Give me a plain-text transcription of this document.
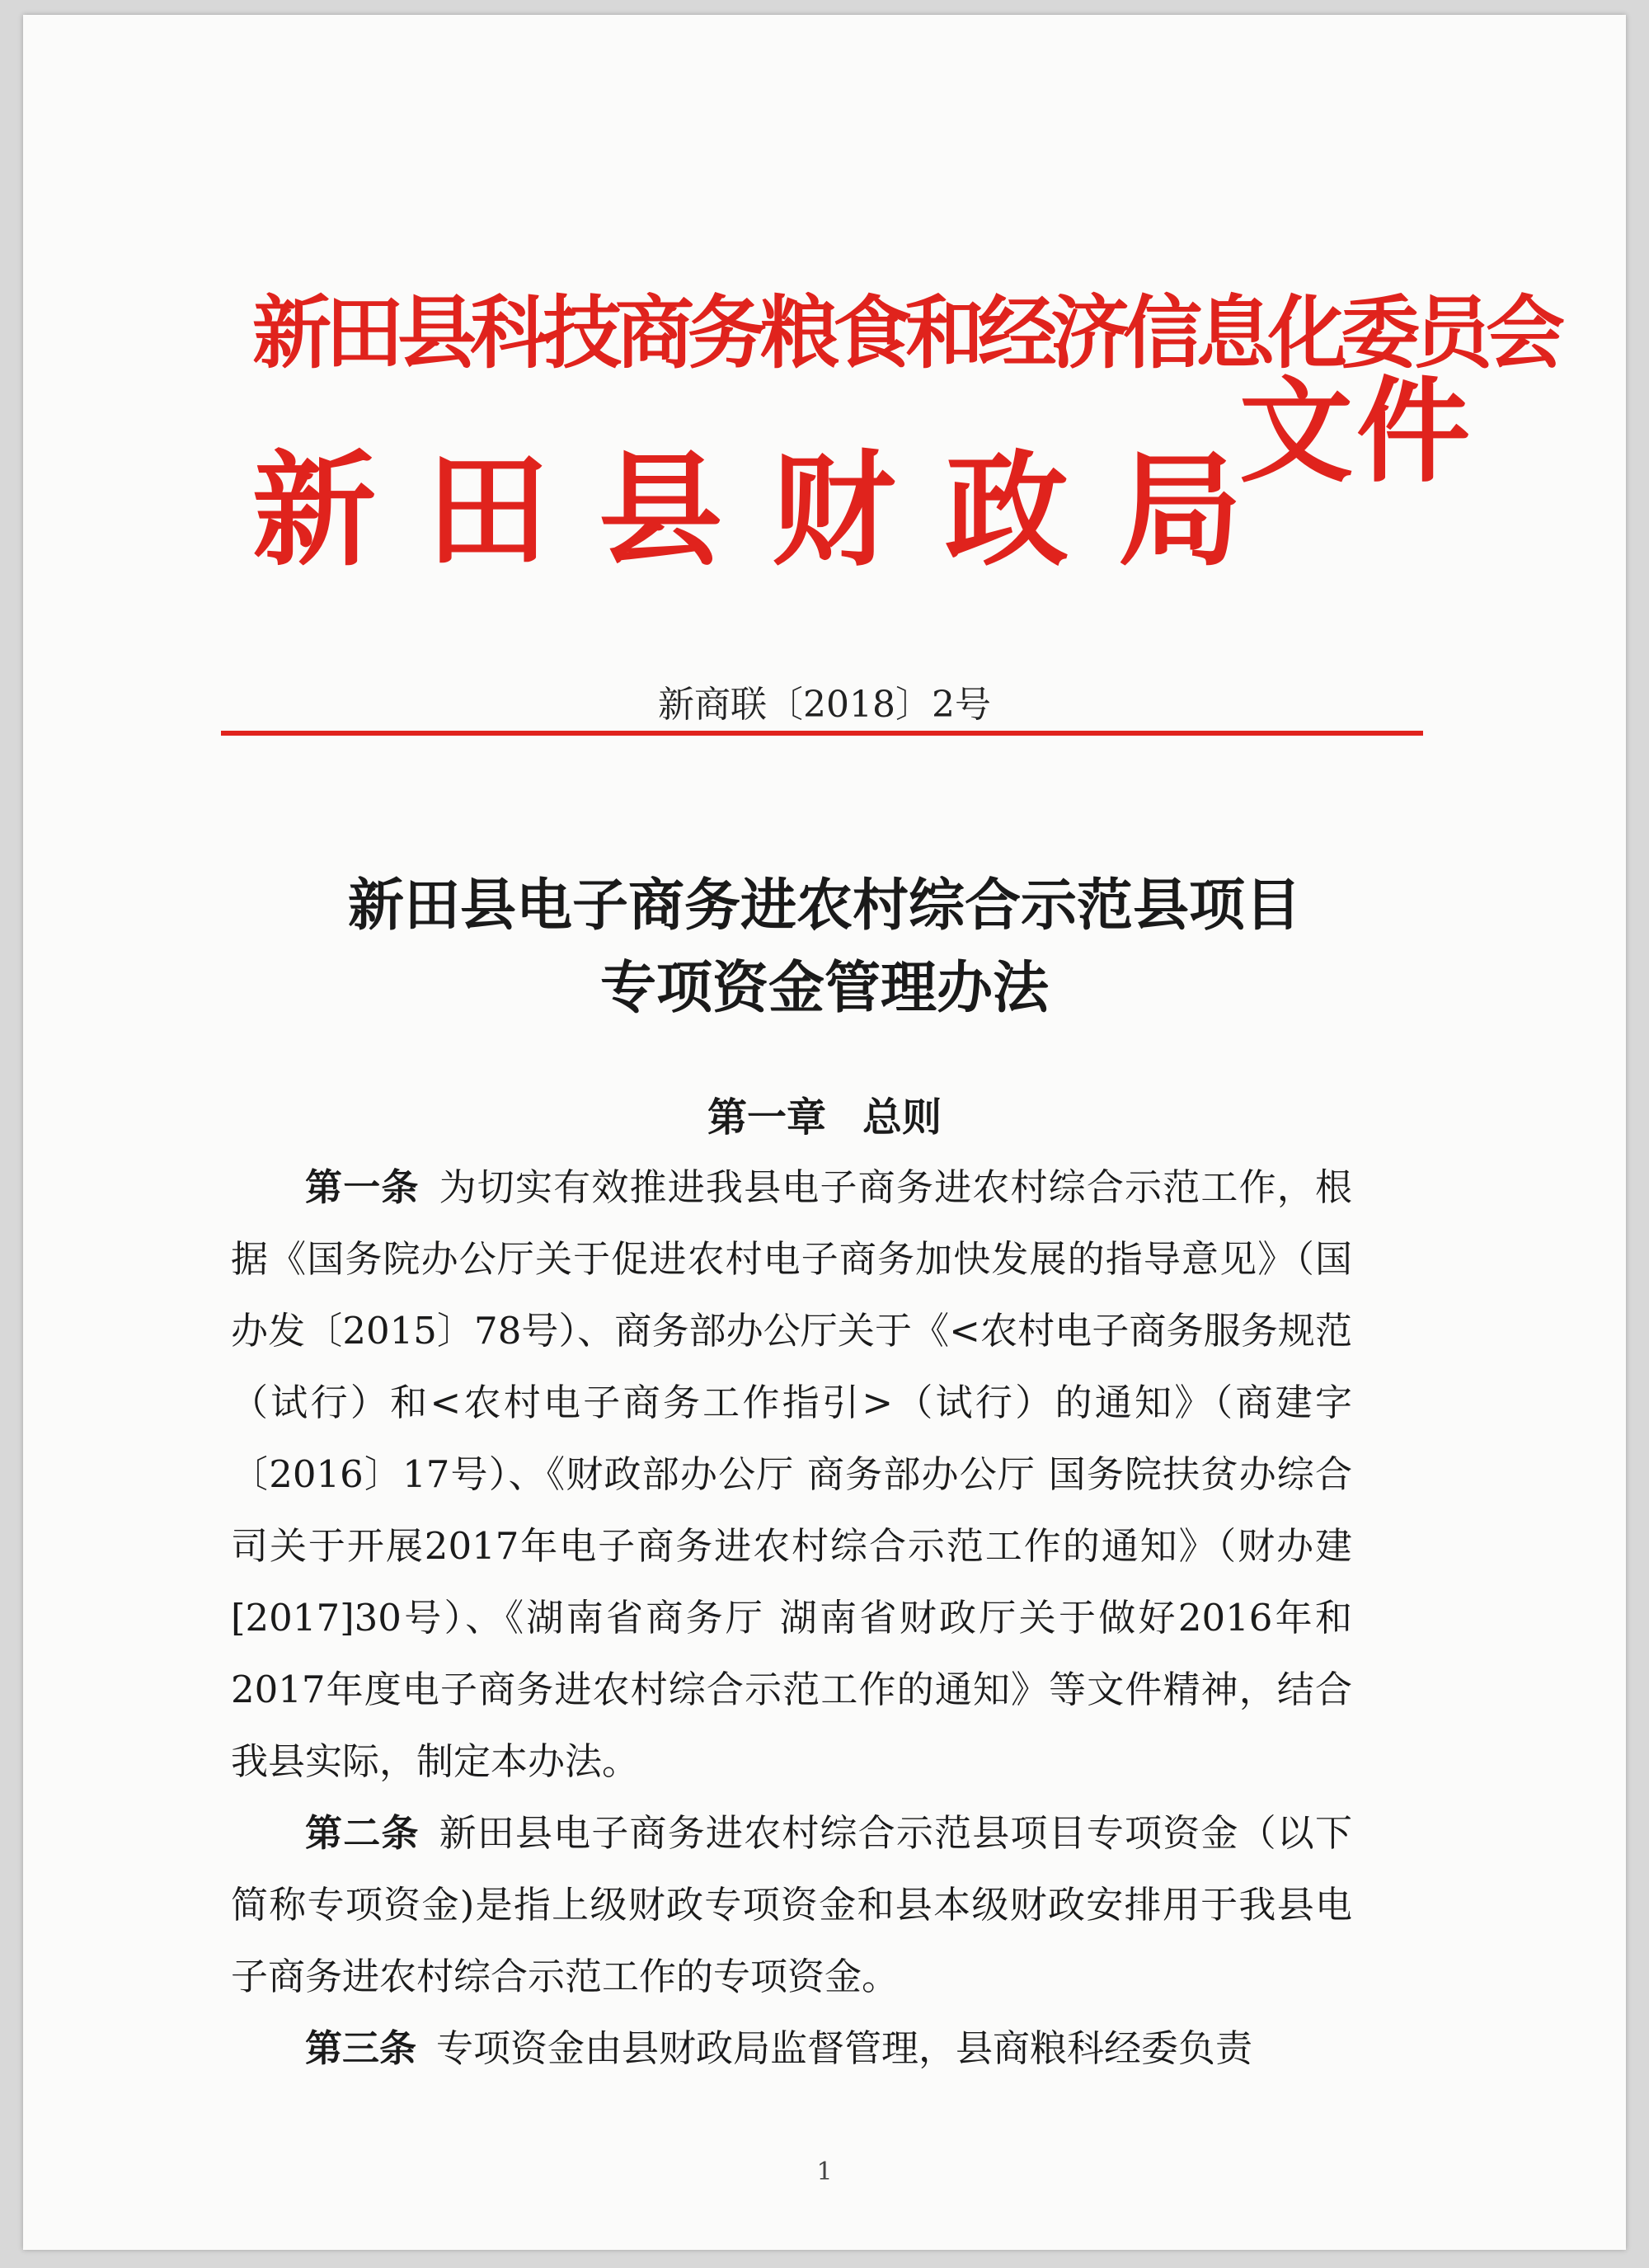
新田县科技商务粮食和经济信息化委员会
新田县财政局
文件
新商联〔2018〕2号
新田县电子商务进农村综合示范县项目
专项资金管理办法
第一章 总则

第一条 为切实有效推进我县电子商务进农村综合示范工作，根据《国务院办公厅关于促进农村电子商务加快发展的指导意见》（国办发〔2015〕78号）、商务部办公厅关于《<农村电子商务服务规范（试行）和<农村电子商务工作指引>（试行）的通知》（商建字〔2016〕17号）、《财政部办公厅 商务部办公厅 国务院扶贫办综合司关于开展2017年电子商务进农村综合示范工作的通知》（财办建[2017]30号）、《湖南省商务厅 湖南省财政厅关于做好2016年和2017年度电子商务进农村综合示范工作的通知》等文件精神，结合我县实际，制定本办法。

第二条 新田县电子商务进农村综合示范县项目专项资金（以下简称专项资金)是指上级财政专项资金和县本级财政安排用于我县电子商务进农村综合示范工作的专项资金。

第三条 专项资金由县财政局监督管理，县商粮科经委负责

1
